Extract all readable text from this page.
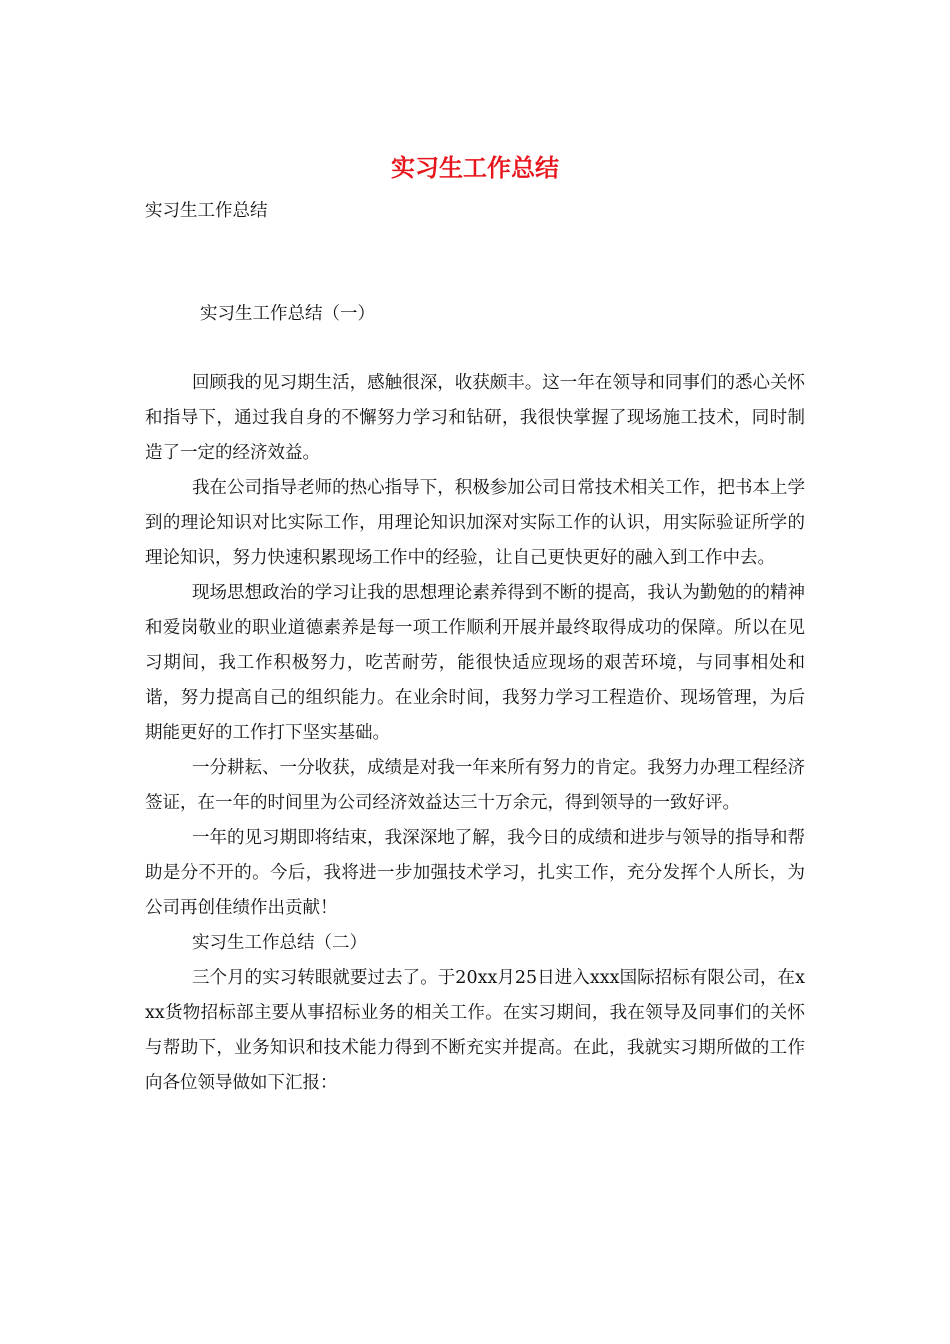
实习生工作总结

实习生工作总结

实习生工作总结（一）

回顾我的见习期生活，感触很深，收获颇丰。这一年在领导和同事们的悉心关怀和指导下，通过我自身的不懈努力学习和钻研，我很快掌握了现场施工技术，同时制造了一定的经济效益。

我在公司指导老师的热心指导下，积极参加公司日常技术相关工作，把书本上学到的理论知识对比实际工作，用理论知识加深对实际工作的认识，用实际验证所学的理论知识，努力快速积累现场工作中的经验，让自己更快更好的融入到工作中去。

现场思想政治的学习让我的思想理论素养得到不断的提高，我认为勤勉的的精神和爱岗敬业的职业道德素养是每一项工作顺利开展并最终取得成功的保障。所以在见习期间，我工作积极努力，吃苦耐劳，能很快适应现场的艰苦环境，与同事相处和谐，努力提高自己的组织能力。在业余时间，我努力学习工程造价、现场管理，为后期能更好的工作打下坚实基础。

一分耕耘、一分收获，成绩是对我一年来所有努力的肯定。我努力办理工程经济签证，在一年的时间里为公司经济效益达三十万余元，得到领导的一致好评。

一年的见习期即将结束，我深深地了解，我今日的成绩和进步与领导的指导和帮助是分不开的。今后，我将进一步加强技术学习，扎实工作，充分发挥个人所长，为公司再创佳绩作出贡献！

实习生工作总结（二）

三个月的实习转眼就要过去了。于20xx月25日进入xxx国际招标有限公司，在xxx货物招标部主要从事招标业务的相关工作。在实习期间，我在领导及同事们的关怀与帮助下，业务知识和技术能力得到不断充实并提高。在此，我就实习期所做的工作向各位领导做如下汇报：
